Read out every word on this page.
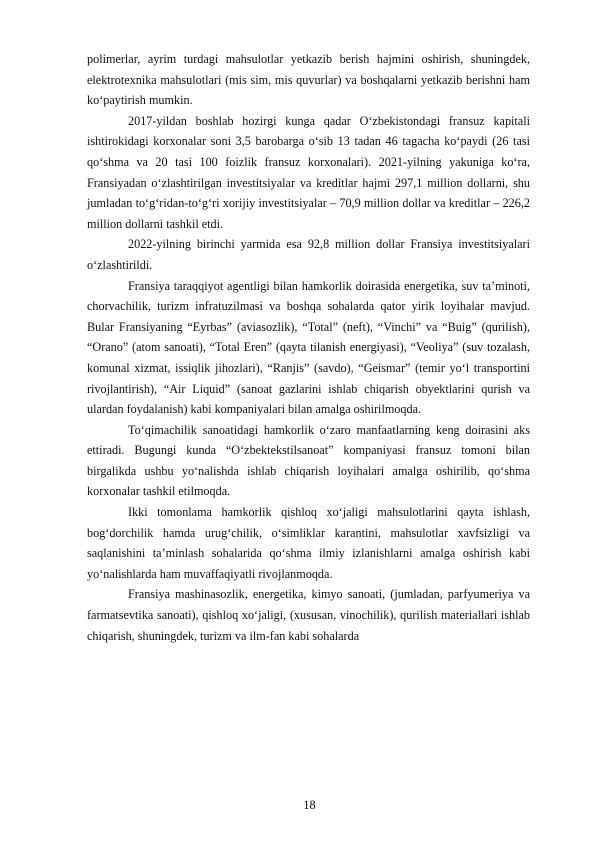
polimerlar, ayrim turdagi mahsulotlar yetkazib berish hajmini oshirish, shuningdek, elektrotexnika mahsulotlari (mis sim, mis quvurlar) va boshqalarni yetkazib berishni ham ko‘paytirish mumkin.

2017-yildan boshlab hozirgi kunga qadar O‘zbekistondagi fransuz kapitali ishtirokidagi korxonalar soni 3,5 barobarga o‘sib 13 tadan 46 tagacha ko‘paydi (26 tasi qo‘shma va 20 tasi 100 foizlik fransuz korxonalari). 2021-yilning yakuniga ko‘ra, Fransiyadan o‘zlashtirilgan investitsiyalar va kreditlar hajmi 297,1 million dollarni, shu jumladan to‘g‘ridan-to‘g‘ri xorijiy investitsiyalar – 70,9 million dollar va kreditlar – 226,2 million dollarni tashkil etdi.

2022-yilning birinchi yarmida esa 92,8 million dollar Fransiya investitsiyalari o‘zlashtirildi.

Fransiya taraqqiyot agentligi bilan hamkorlik doirasida energetika, suv ta’minoti, chorvachilik, turizm infratuzilmasi va boshqa sohalarda qator yirik loyihalar mavjud. Bular Fransiyaning “Eyrbas” (aviasozlik), “Total” (neft), “Vinchi” va “Buig” (qurilish), “Orano” (atom sanoati), “Total Eren” (qayta tilanish energiyasi), “Veoliya” (suv tozalash, komunal xizmat, issiqlik jihozlari), “Ranjis” (savdo), “Geismar” (temir yo‘l transportini rivojlantirish), “Air Liquid” (sanoat gazlarini ishlab chiqarish obyektlarini qurish va ulardan foydalanish) kabi kompaniyalari bilan amalga oshirilmoqda.

To‘qimachilik sanoatidagi hamkorlik o‘zaro manfaatlarning keng doirasini aks ettiradi. Bugungi kunda “O‘zbektekstilsanoat” kompaniyasi fransuz tomoni bilan birgalikda ushbu yo‘nalishda ishlab chiqarish loyihalari amalga oshirilib, qo‘shma korxonalar tashkil etilmoqda.

Ikki tomonlama hamkorlik qishloq xo‘jaligi mahsulotlarini qayta ishlash, bog‘dorchilik hamda urug‘chilik, o‘simliklar karantini, mahsulotlar xavfsizligi va saqlanishini ta’minlash sohalarida qo‘shma ilmiy izlanishlarni amalga oshirish kabi yo‘nalishlarda ham muvaffaqiyatli rivojlanmoqda.

Fransiya mashinasozlik, energetika, kimyo sanoati, (jumladan, parfyumeriya va farmatsevtika sanoati), qishloq xo‘jaligi, (xususan, vinochilik), qurilish materiallari ishlab chiqarish, shuningdek, turizm va ilm-fan kabi sohalarda

18
